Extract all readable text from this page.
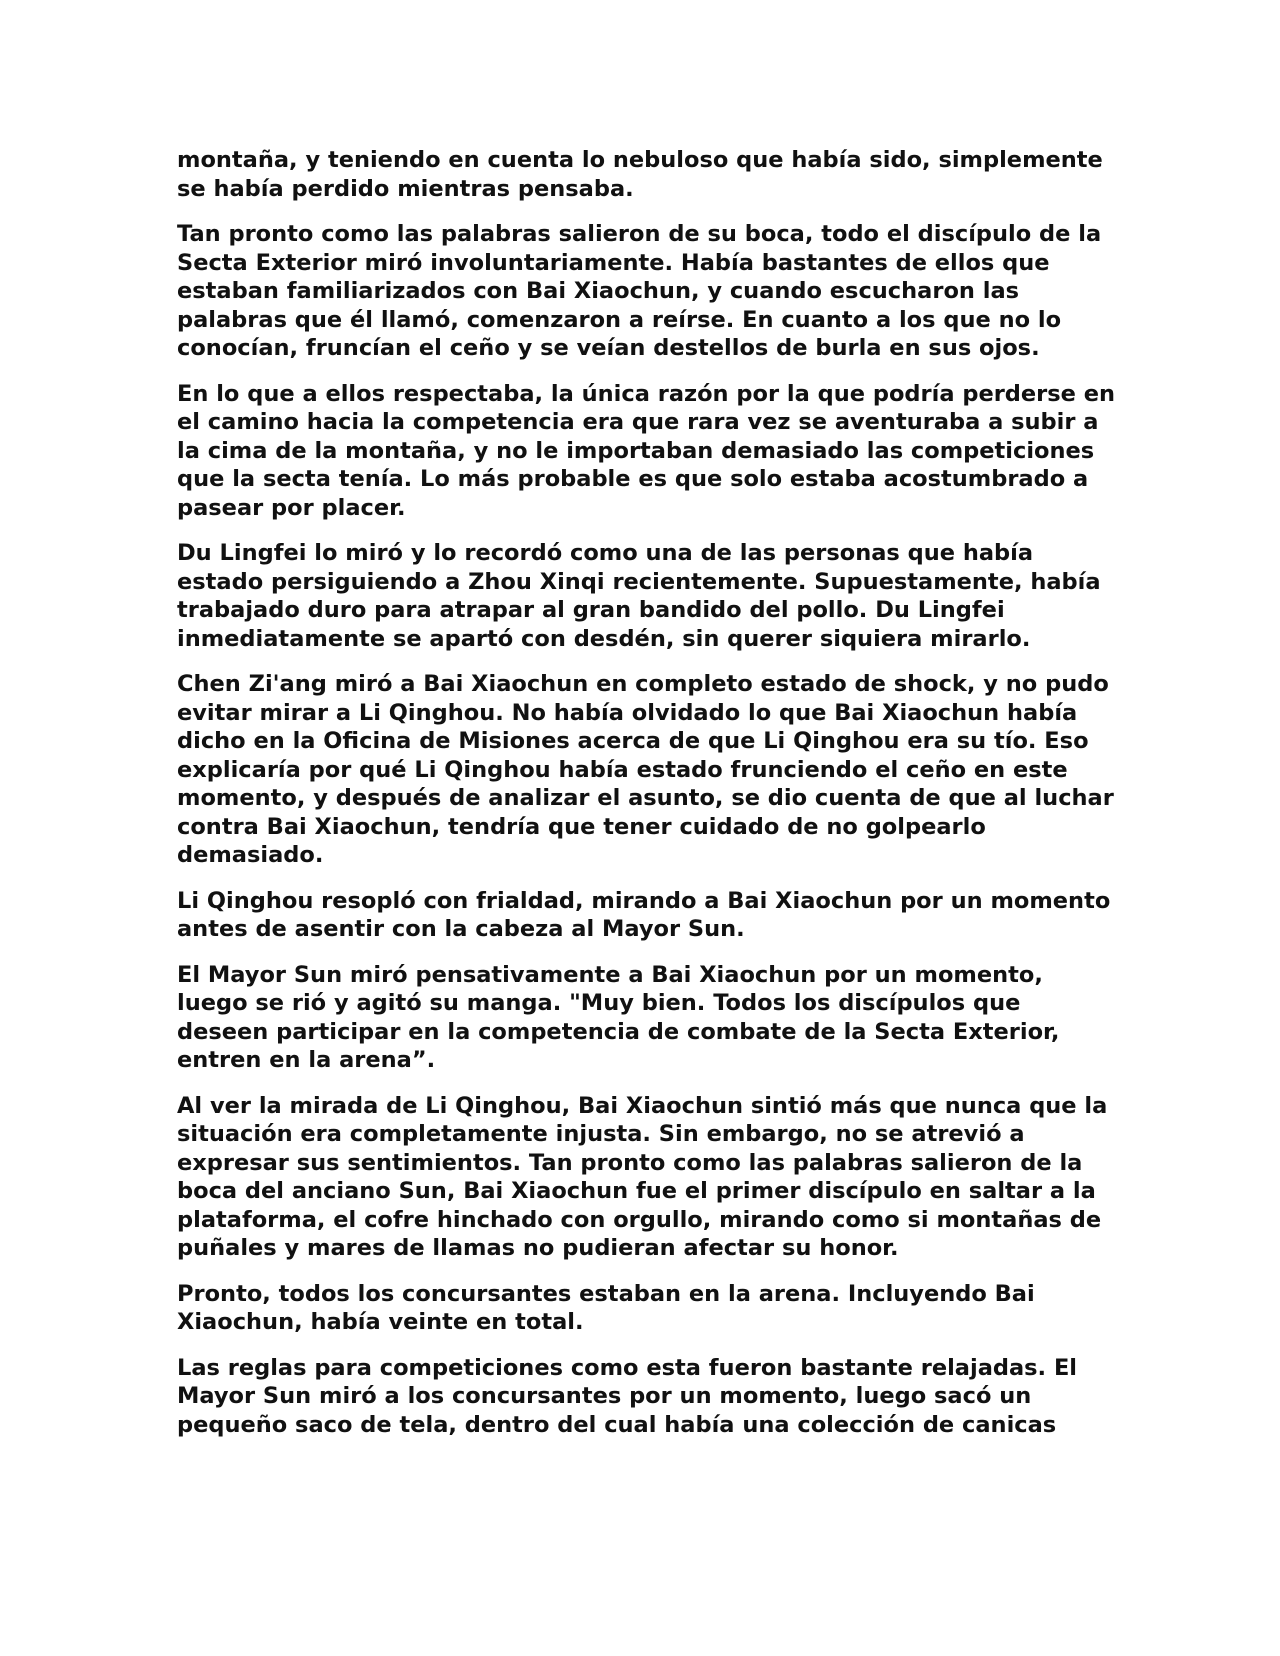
montaña, y teniendo en cuenta lo nebuloso que había sido, simplemente se había perdido mientras pensaba.

Tan pronto como las palabras salieron de su boca, todo el discípulo de la Secta Exterior miró involuntariamente. Había bastantes de ellos que estaban familiarizados con Bai Xiaochun, y cuando escucharon las palabras que él llamó, comenzaron a reírse. En cuanto a los que no lo conocían, fruncían el ceño y se veían destellos de burla en sus ojos.

En lo que a ellos respectaba, la única razón por la que podría perderse en el camino hacia la competencia era que rara vez se aventuraba a subir a la cima de la montaña, y no le importaban demasiado las competiciones que la secta tenía. Lo más probable es que solo estaba acostumbrado a pasear por placer.

Du Lingfei lo miró y lo recordó como una de las personas que había estado persiguiendo a Zhou Xinqi recientemente. Supuestamente, había trabajado duro para atrapar al gran bandido del pollo. Du Lingfei inmediatamente se apartó con desdén, sin querer siquiera mirarlo.

Chen Zi'ang miró a Bai Xiaochun en completo estado de shock, y no pudo evitar mirar a Li Qinghou. No había olvidado lo que Bai Xiaochun había dicho en la Oficina de Misiones acerca de que Li Qinghou era su tío. Eso explicaría por qué Li Qinghou había estado frunciendo el ceño en este momento, y después de analizar el asunto, se dio cuenta de que al luchar contra Bai Xiaochun, tendría que tener cuidado de no golpearlo demasiado.

Li Qinghou resopló con frialdad, mirando a Bai Xiaochun por un momento antes de asentir con la cabeza al Mayor Sun.

El Mayor Sun miró pensativamente a Bai Xiaochun por un momento, luego se rió y agitó su manga. "Muy bien. Todos los discípulos que deseen participar en la competencia de combate de la Secta Exterior, entren en la arena”.

Al ver la mirada de Li Qinghou, Bai Xiaochun sintió más que nunca que la situación era completamente injusta. Sin embargo, no se atrevió a expresar sus sentimientos. Tan pronto como las palabras salieron de la boca del anciano Sun, Bai Xiaochun fue el primer discípulo en saltar a la plataforma, el cofre hinchado con orgullo, mirando como si montañas de puñales y mares de llamas no pudieran afectar su honor.

Pronto, todos los concursantes estaban en la arena. Incluyendo Bai Xiaochun, había veinte en total.

Las reglas para competiciones como esta fueron bastante relajadas. El Mayor Sun miró a los concursantes por un momento, luego sacó un pequeño saco de tela, dentro del cual había una colección de canicas
